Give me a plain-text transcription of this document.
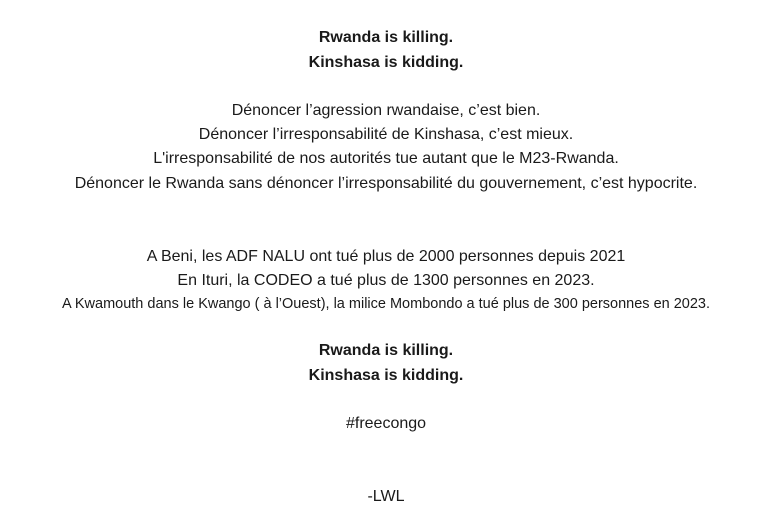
Rwanda is killing.
Kinshasa is kidding.
Dénoncer l’agression rwandaise, c’est bien.
Dénoncer l’irresponsabilité de Kinshasa, c’est mieux.
L'irresponsabilité de nos autorités tue autant que le M23-Rwanda.
Dénoncer le Rwanda sans dénoncer l’irresponsabilité du gouvernement, c’est hypocrite.
A Beni, les ADF NALU ont tué plus de 2000 personnes depuis 2021
En Ituri, la CODEO a tué plus de 1300 personnes en 2023.
A Kwamouth dans le Kwango ( à l’Ouest), la milice Mombondo a tué plus de 300 personnes en 2023.
Rwanda is killing.
Kinshasa is kidding.
#freecongo
-LWL
